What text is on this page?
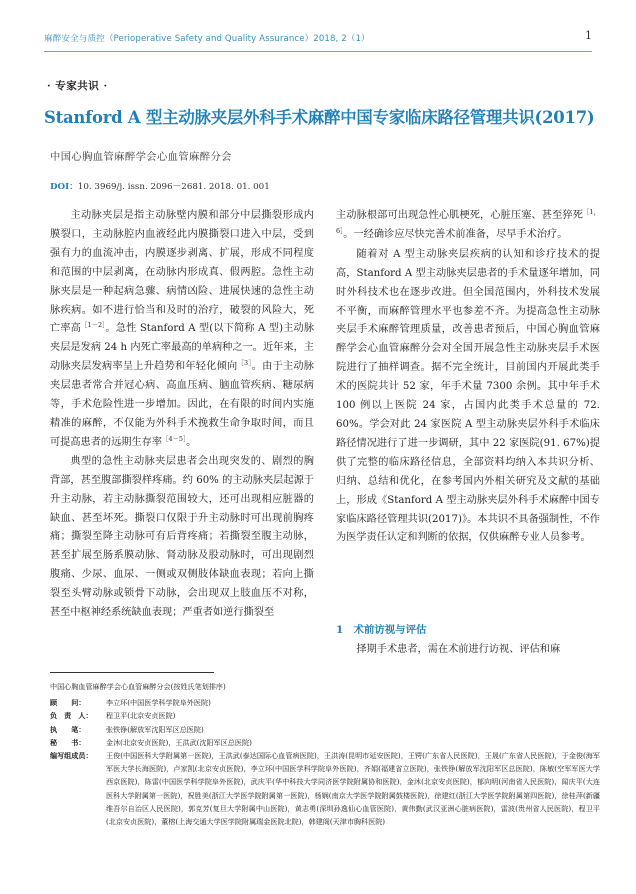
麻醉安全与质控（Perioperative Safety and Quality Assurance）2018, 2（1）	1
· 专家共识 ·
Stanford A 型主动脉夹层外科手术麻醉中国专家临床路径管理共识(2017)
中国心胸血管麻醉学会心血管麻醉分会
DOI：10. 3969/j. issn. 2096－2681. 2018. 01. 001

主动脉夹层是指主动脉壁内膜和部分中层撕裂形成内膜裂口，主动脉腔内血液经此内膜撕裂口进入中层，受到强有力的血流冲击，内膜逐步剥离、扩展，形成不同程度和范围的中层剥离，在动脉内形成真、假两腔。急性主动脉夹层是一种起病急骤、病情凶险、进展快速的急性主动脉疾病。如不进行恰当和及时的治疗，破裂的风险大，死亡率高$^{[1-2]}$。急性 Stanford A 型(以下简称 A 型)主动脉夹层是发病 24 h 内死亡率最高的单病种之一。近年来，主动脉夹层发病率呈上升趋势和年轻化倾向$^{[3]}$。由于主动脉夹层患者常合并冠心病、高血压病、脑血管疾病、糖尿病等，手术危险性进一步增加。因此，在有限的时间内实施精准的麻醉，不仅能为外科手术挽救生命争取时间，而且可提高患者的远期生存率$^{[4-5]}$。

典型的急性主动脉夹层患者会出现突发的、剧烈的胸背部，甚至腹部撕裂样疼痛。约 60% 的主动脉夹层起源于升主动脉，若主动脉撕裂范围较大，还可出现相应脏器的缺血、甚至坏死。撕裂口仅限于升主动脉时可出现前胸疼痛；撕裂至降主动脉可有后背疼痛；若撕裂至腹主动脉，甚至扩展至肠系膜动脉、肾动脉及股动脉时，可出现剧烈腹痛、少尿、血尿、一侧或双侧肢体缺血表现；若向上撕裂至头臂动脉或锁骨下动脉，会出现双上肢血压不对称，甚至中枢神经系统缺血表现；严重者如逆行撕裂至

主动脉根部可出现急性心肌梗死，心脏压塞、甚至猝死$^{[1,6]}$。一经确诊应尽快完善术前准备，尽早手术治疗。

随着对 A 型主动脉夹层疾病的认知和诊疗技术的提高，Stanford A 型主动脉夹层患者的手术量逐年增加，同时外科技术也在逐步改进。但全国范围内，外科技术发展不平衡，而麻醉管理水平也参差不齐。为提高急性主动脉夹层手术麻醉管理质量，改善患者预后，中国心胸血管麻醉学会心血管麻醉分会对全国开展急性主动脉夹层手术医院进行了抽样调查。据不完全统计，目前国内开展此类手术的医院共计 52 家，年手术量 7300 余例。其中年手术 100 例以上医院 24 家，占国内此类手术总量的 72. 60%。学会对此 24 家医院 A 型主动脉夹层外科手术临床路径情况进行了进一步调研，其中 22 家医院(91. 67%)提供了完整的临床路径信息，全部资料均纳入本共识分析、归纳、总结和优化，在参考国内外相关研究及文献的基础上，形成《Stanford A 型主动脉夹层外科手术麻醉中国专家临床路径管理共识(2017)》。本共识不具备强制性，不作为医学责任认定和判断的依据，仅供麻醉专业人员参考。

1　术前访视与评估
择期手术患者，需在术前进行访视、评估和麻
中国心胸血管麻醉学会心血管麻醉分会(按姓氏笔划排序)
顾　　问：	李立环(中国医学科学院阜外医院)
负　责　人：	程卫平(北京安贞医院)
执　　笔：	张铁铮(解放军沈阳军区总医院)
秘　　书：	金沐(北京安贞医院)，王洪武(沈阳军区总医院)
编写组成员：	王俊(中国医科大学附属第一医院)，王洪武(泰达国际心血管病医院)，王洪涛(昆明市延安医院)，王锷(广东省人民医院)，王晟(广东省人民医院)，于金俊(海军军医大学长海医院)，卢家凯(北京安贞医院)，李立环(中国医学科学院阜外医院)，齐娟(福建省立医院)，张铁铮(解放军沈阳军区总医院)，陈敏(空军军医大学西京医院)，陈雷(中国医学科学院阜外医院)，武庆平(华中科技大学同济医学院附属协和医院)，金沐(北京安贞医院)，郁向明(河南省人民医院)，闻庆平(大连医科大学附属第一医院)，祝胜美(浙江大学医学院附属第一医院)，杨娴(南京大学医学院附属鼓楼医院)，徐建红(浙江大学医学院附属第四医院)，徐桂萍(新疆维吾尔自治区人民医院)，郭克芳(复旦大学附属中山医院)，黄志勇(深圳孙逸仙心血管医院)，黄伟勤(武汉亚洲心脏病医院)，雷波(贵州省人民医院)，程卫平(北京安贞医院)，董榕(上海交通大学医学院附属瑞金医院北院)，韩建阁(天津市胸科医院)
